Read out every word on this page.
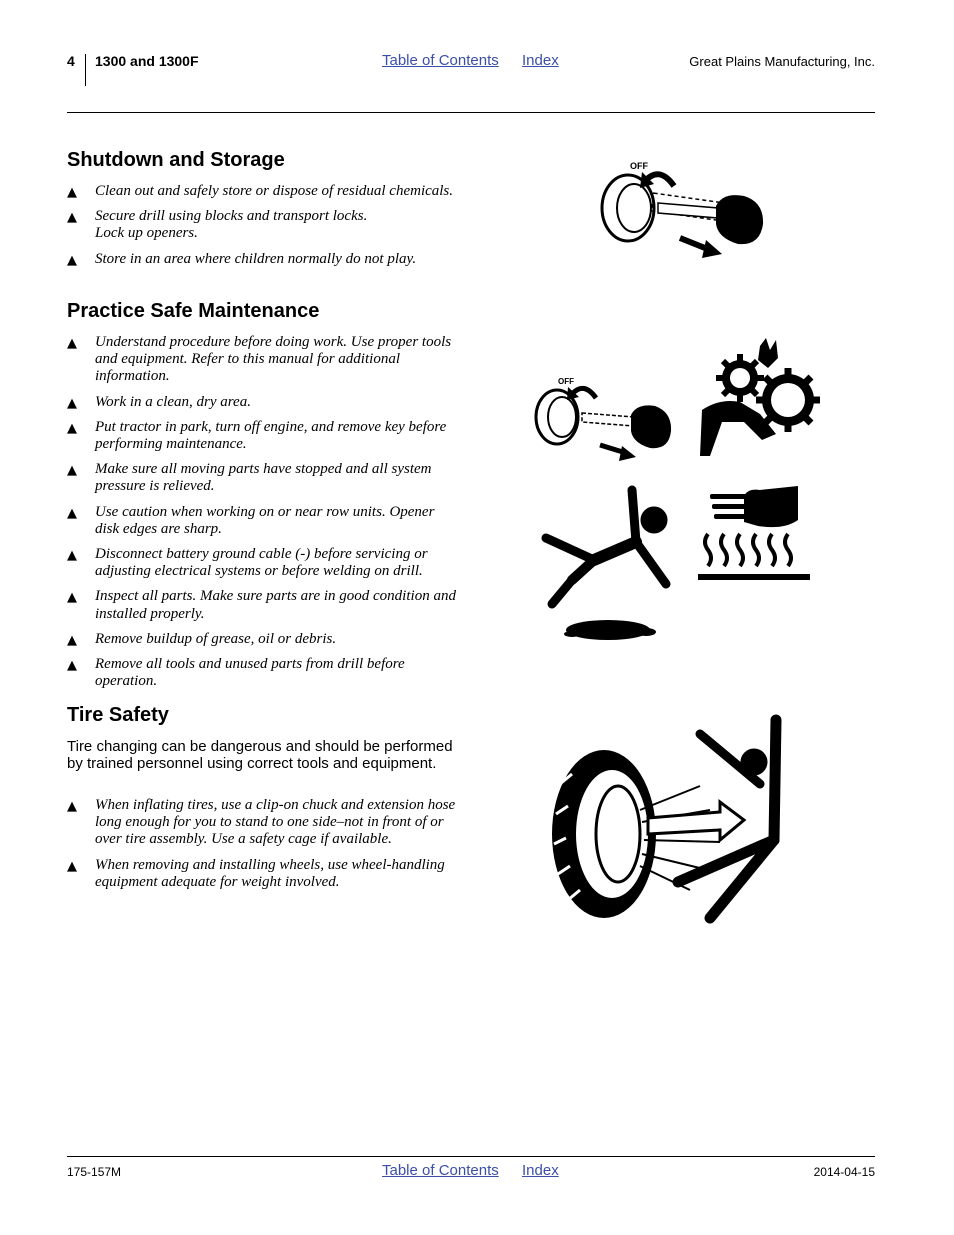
4 1300 and 1300F	Table of Contents Index	Great Plains Manufacturing, Inc.
Shutdown and Storage
▲ Clean out and safely store or dispose of residual chemicals.
▲ Secure drill using blocks and transport locks.
Lock up openers.
▲ Store in an area where children normally do not play.
Practice Safe Maintenance
▲ Understand procedure before doing work. Use proper tools and equipment. Refer to this manual for additional information.
▲ Work in a clean, dry area.
▲ Put tractor in park, turn off engine, and remove key before performing maintenance.
▲ Make sure all moving parts have stopped and all system pressure is relieved.
▲ Use caution when working on or near row units. Opener disk edges are sharp.
▲ Disconnect battery ground cable (-) before servicing or adjusting electrical systems or before welding on drill.
▲ Inspect all parts. Make sure parts are in good condition and installed properly.
▲ Remove buildup of grease, oil or debris.
▲ Remove all tools and unused parts from drill before operation.
Tire Safety
Tire changing can be dangerous and should be performed by trained personnel using correct tools and equipment.
▲ When inflating tires, use a clip-on chuck and extension hose long enough for you to stand to one side–not in front of or over tire assembly. Use a safety cage if available.
▲ When removing and installing wheels, use wheel-handling equipment adequate for weight involved.
OFF
OFF
175-157M	Table of Contents Index	2014-04-15
